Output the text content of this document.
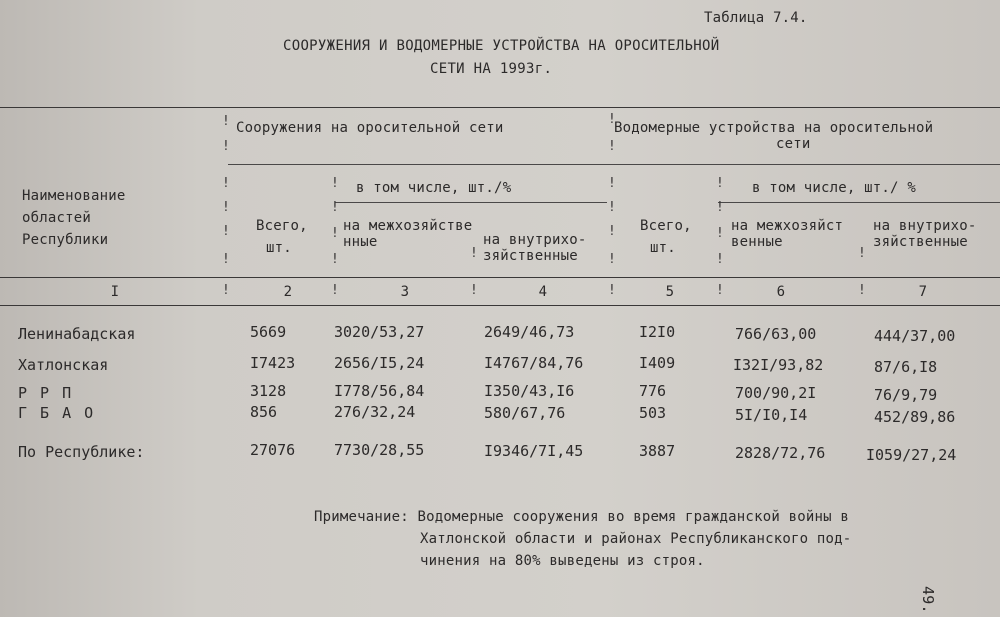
Таблица 7.4.
СООРУЖЕНИЯ И ВОДОМЕРНЫЕ УСТРОЙСТВА НА ОРОСИТЕЛЬНОЙ
СЕТИ НА 1993г.
!
!
!
!
!
!
!
!
!
!
!
!
!
!
!
!
!
!
!
!
!	!
!	!	!	!	!	!
Наименование
областей
Республики
Сооружения на оросительной сети	Водомерные устройства на оросительной
сети
в том числе, шт./%	в том числе, шт./ %
Всего,
шт.
на межхозяйстве
нные	на внутрихо-
зяйственные
Всего,
шт.
на межхозяйст
венные
на внутрихо-
зяйственные
I	2	3	4	5	6	7
Ленинабадская	5669	3020/53,27	2649/46,73	I2I0	766/63,00	444/37,00
Хатлонская	I7423	2656/I5,24	I4767/84,76	I409	I32I/93,82	87/6,I8
Р Р П	3128	I778/56,84	I350/43,I6	776	700/90,2I	76/9,79
Г Б А О	856	276/32,24	580/67,76	503	5I/I0,I4	452/89,86
По Республике:	27076	7730/28,55	I9346/7I,45	3887	2828/72,76	I059/27,24
Примечание: Водомерные сооружения во время гражданской войны в
Хатлонской области и районах Республиканского под-
чинения на 80% выведены из строя.
49.
